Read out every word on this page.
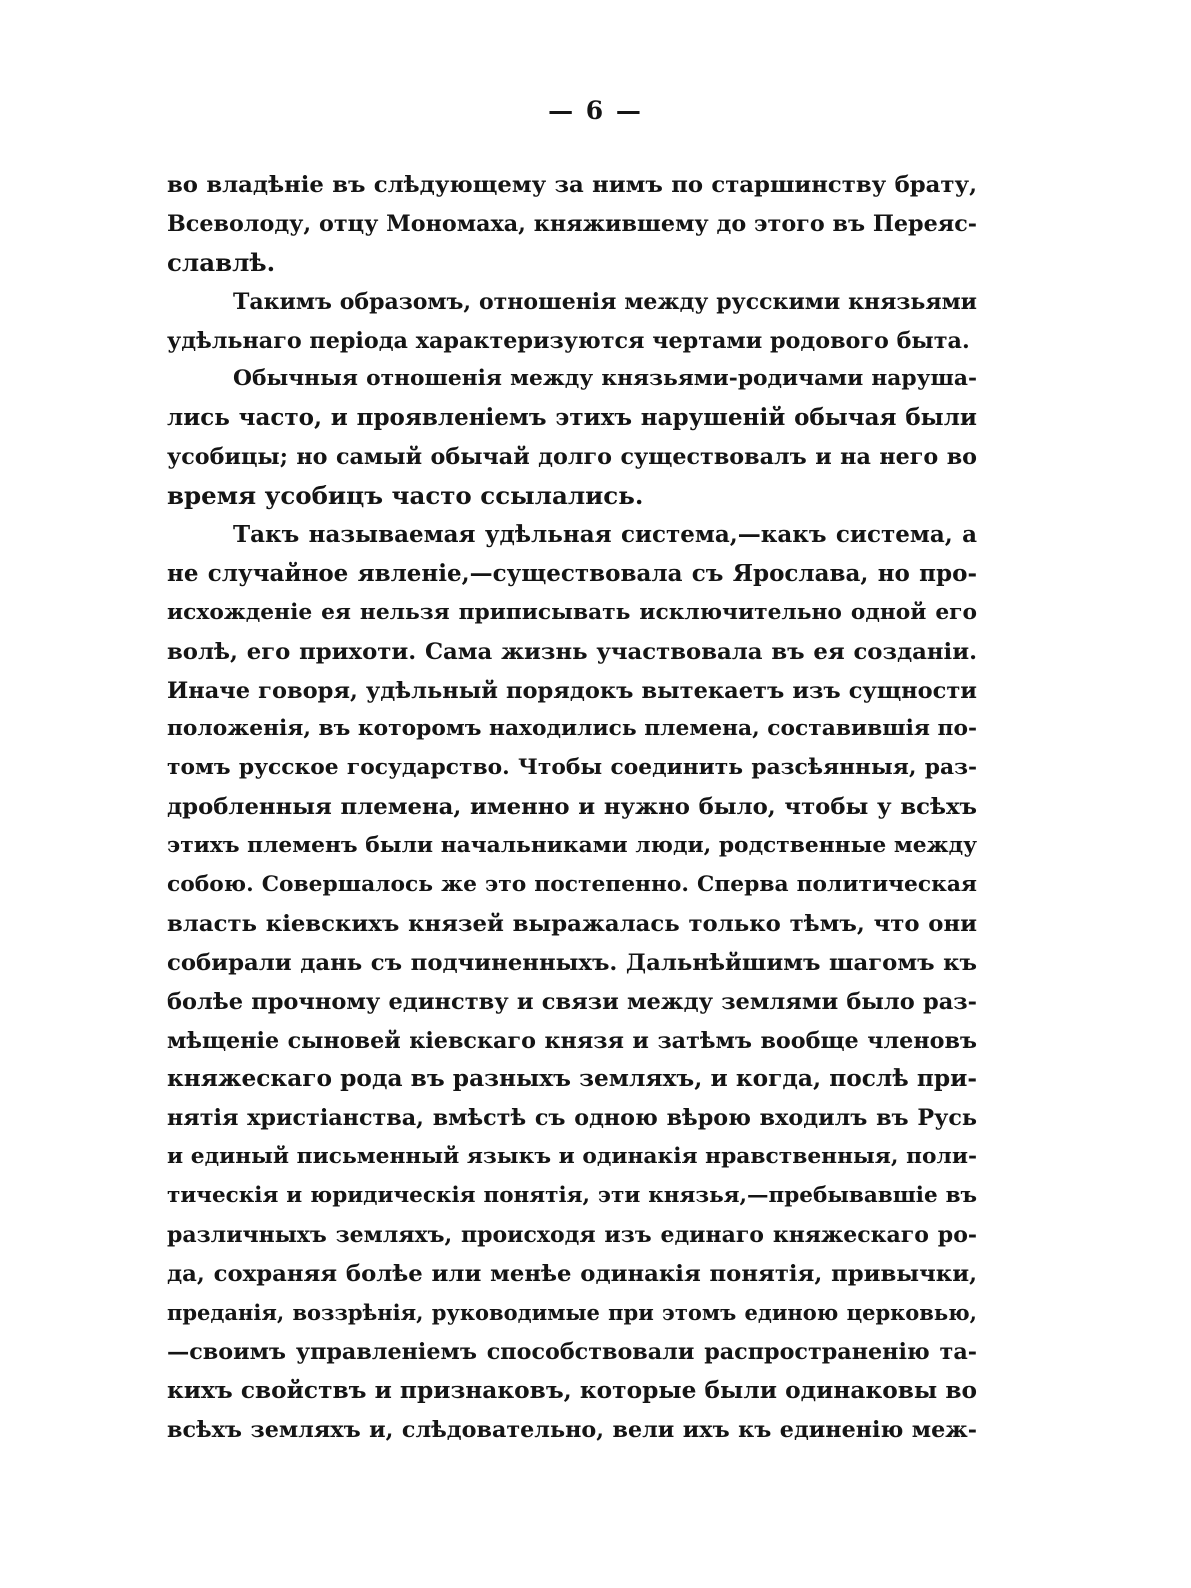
— 6 —
во владѣніе въ слѣдующему за нимъ по старшинству брату,
Всеволоду, отцу Мономаха, княжившему до этого въ Переяс-
славлѣ.
Такимъ образомъ, отношенія между русскими князьями
удѣльнаго періода характеризуются чертами родового быта.
Обычныя отношенія между князьями-родичами наруша-
лись часто, и проявленіемъ этихъ нарушеній обычая были
усобицы; но самый обычай долго существовалъ и на него во
время усобицъ часто ссылались.
Такъ называемая удѣльная система,—какъ система, а
не случайное явленіе,—существовала съ Ярослава, но про-
исхожденіе ея нельзя приписывать исключительно одной его
волѣ, его прихоти. Сама жизнь участвовала въ ея созданіи.
Иначе говоря, удѣльный порядокъ вытекаетъ изъ сущности
положенія, въ которомъ находились племена, составившія по-
томъ русское государство. Чтобы соединить разсѣянныя, раз-
дробленныя племена, именно и нужно было, чтобы у всѣхъ
этихъ племенъ были начальниками люди, родственные между
собою. Совершалось же это постепенно. Сперва политическая
власть кіевскихъ князей выражалась только тѣмъ, что они
собирали дань съ подчиненныхъ. Дальнѣйшимъ шагомъ къ
болѣе прочному единству и связи между землями было раз-
мѣщеніе сыновей кіевскаго князя и затѣмъ вообще членовъ
княжескаго рода въ разныхъ земляхъ, и когда, послѣ при-
нятія христіанства, вмѣстѣ съ одною вѣрою входилъ въ Русь
и единый письменный языкъ и одинакія нравственныя, поли-
тическія и юридическія понятія, эти князья,—пребывавшіе въ
различныхъ земляхъ, происходя изъ единаго княжескаго ро-
да, сохраняя болѣе или менѣе одинакія понятія, привычки,
преданія, воззрѣнія, руководимые при этомъ единою церковью,
—своимъ управленіемъ способствовали распространенію та-
кихъ свойствъ и признаковъ, которые были одинаковы во
всѣхъ земляхъ и, слѣдовательно, вели ихъ къ единенію меж-
